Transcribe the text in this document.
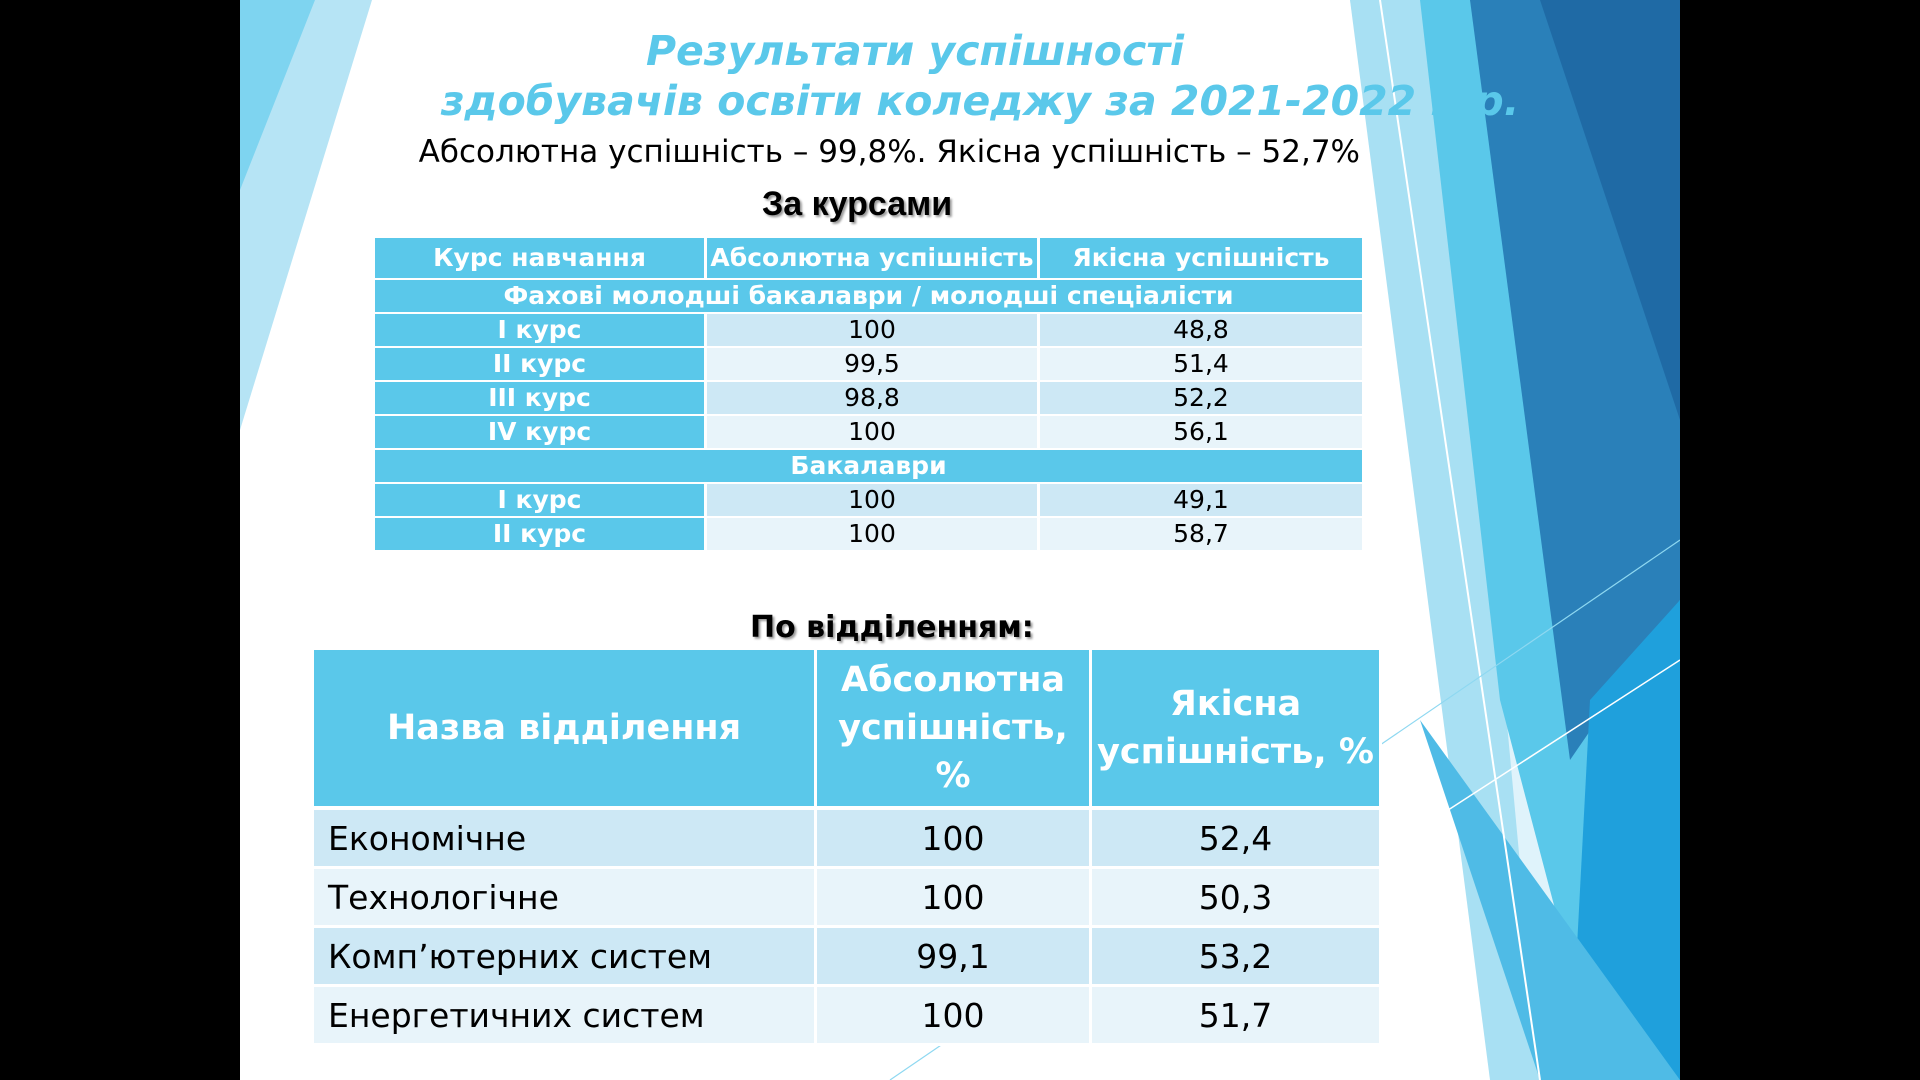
Результати успішності
здобувачів освіти коледжу за 2021-2022 н.р.
Абсолютна успішність – 99,8%. Якісна успішність – 52,7%
За курсами
Курс навчання	Абсолютна успішність	Якісна успішність
Фахові молодші бакалаври / молодші спеціалісти		
I курс	100	48,8
II курс	99,5	51,4
III курс	98,8	52,2
IV курс	100	56,1
Бакалаври		
I курс	100	49,1
II курс	100	58,7
По відділенням:
Назва відділення	Абсолютна успішність, %	Якісна успішність, %
Економічне	100	52,4
Технологічне	100	50,3
Комп’ютерних систем	99,1	53,2
Енергетичних систем	100	51,7
